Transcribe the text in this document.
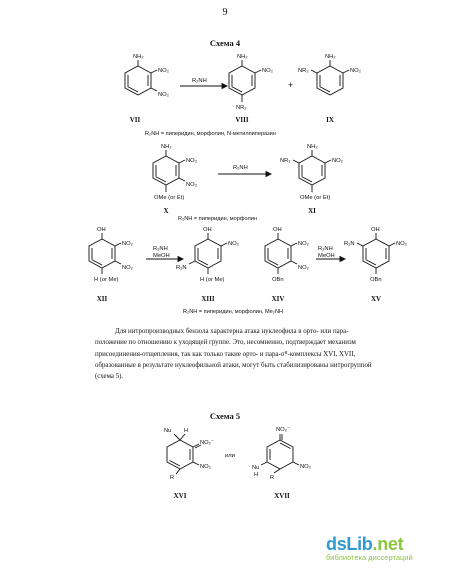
9
Схема 4
NH₂
NO₂
NO₂
R₂NH
NH₂
NO₂
NR₂
+
NH₂
NR₂	NO₂
VII	VIII	IX
R₂NH = пиперидин, морфолин, N-метилпиперазин
NH₂
NO₂
NO₂
OMe (or Et)
R₂NH
NH₂
NR₂	NO₂
OMe (or Et)
X	XI
R₂NH = пиперидин, морфолин
OH
NO₂
NO₂
H (or Me)
R₂NH
MeOH
OH
NO₂
R₂N
H (or Me)
OH
NO₂
NO₂
OBn
R₂NH
MeOH
OH
NO₂
R₂N
OBn
XII	XIII	XIV	XV
R₂NH = пиперидин, морфолин, Me₂NH
Для нитропроизводных бензола характерна атака нуклеофила в орто- или пара-
положение по отношению к уходящей группе. Это, несомненно, подтверждает механизм
присоединения-отщепления, так как только такие орто- и пара-σᴴ-комплексы XVI, XVII,
образованные в результате нуклеофильной атаки, могут быть стабилизированы нитрогруппой
(схема 5).
Схема 5
Nu H
NO₂⁻
NO₂
R
или
NO₂⁻
NO₂
Nu
H R
XVI	XVII
dsLib.net
библиотека диссертаций
